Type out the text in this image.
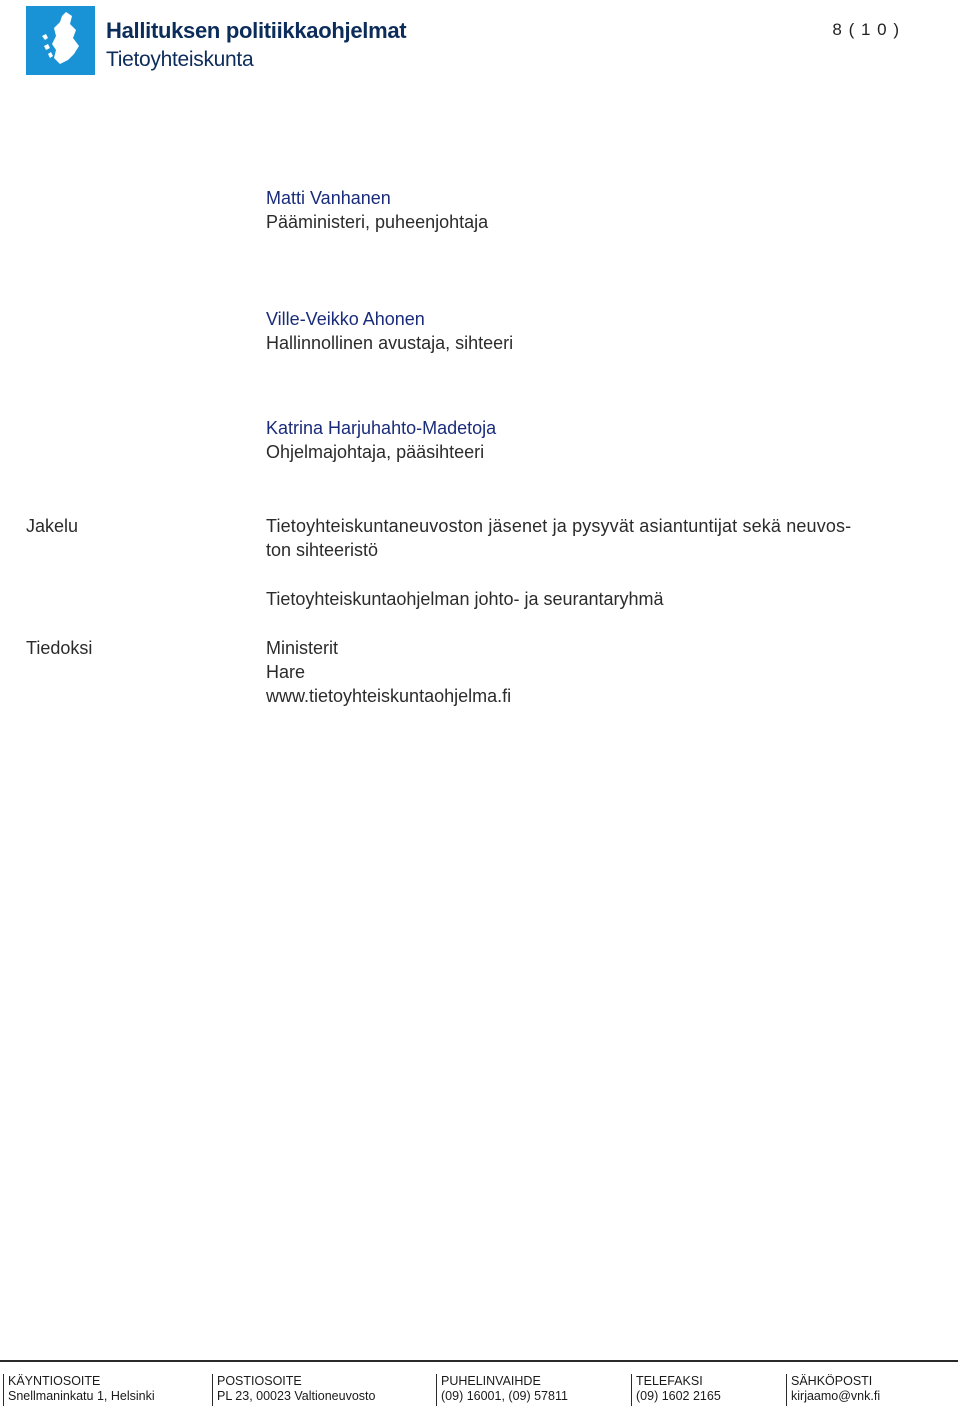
Hallituksen politiikkaohjelmat
Tietoyhteiskunta
8 ( 1 0 )
Matti Vanhanen
Pääministeri, puheenjohtaja
Ville-Veikko Ahonen
Hallinnollinen avustaja, sihteeri
Katrina Harjuhahto-Madetoja
Ohjelmajohtaja, pääsihteeri
Jakelu	Tietoyhteiskuntaneuvoston jäsenet ja pysyvät asiantuntijat sekä neuvos-
ton sihteeristö
Tietoyhteiskuntaohjelman johto- ja seurantaryhmä
Tiedoksi	Ministerit
Hare
www.tietoyhteiskuntaohjelma.fi
KÄYNTIOSOITE
Snellmaninkatu 1, Helsinki
POSTIOSOITE
PL 23, 00023 Valtioneuvosto
PUHELINVAIHDE
(09) 16001, (09) 57811
TELEFAKSI
(09) 1602 2165
SÄHKÖPOSTI
kirjaamo@vnk.fi
